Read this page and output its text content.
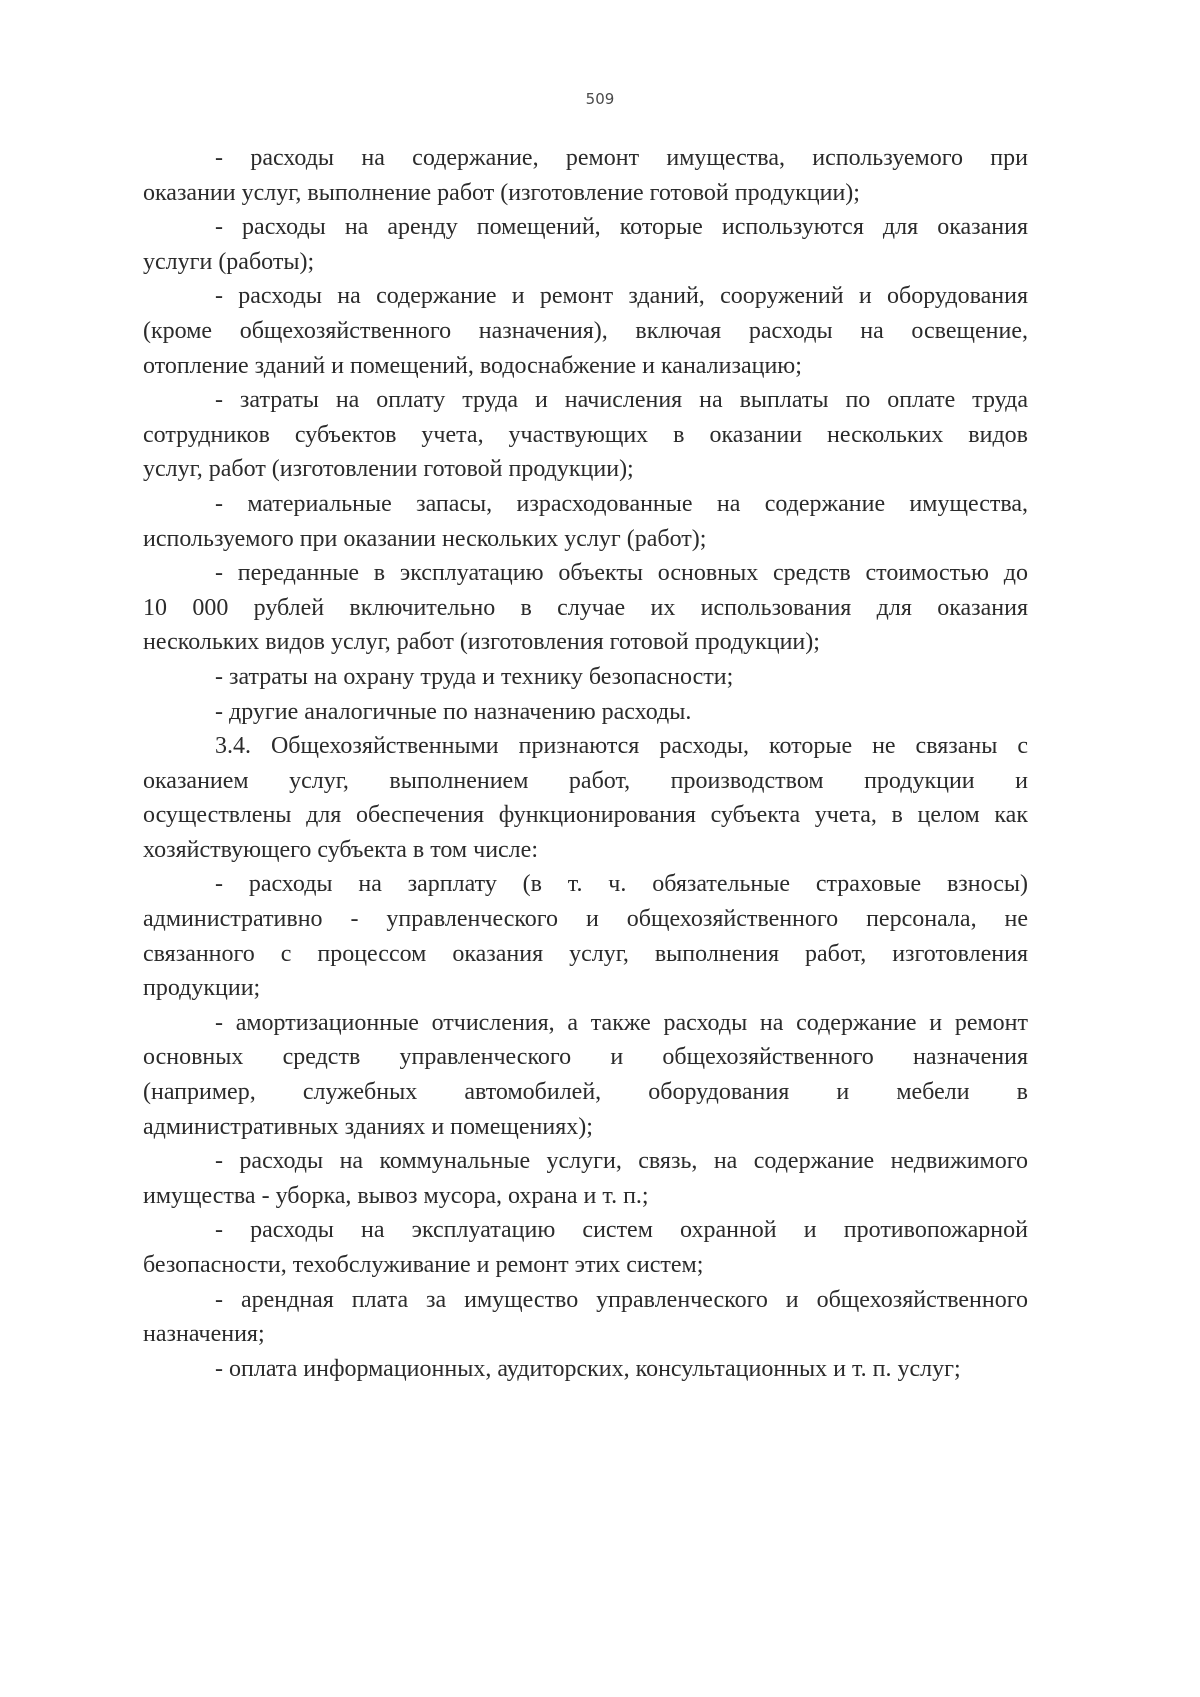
509
- расходы на содержание, ремонт имущества, используемого при
оказании услуг, выполнение работ (изготовление готовой продукции);
- расходы на аренду помещений, которые используются для оказания
услуги (работы);
- расходы на содержание и ремонт зданий, сооружений и оборудования
(кроме общехозяйственного назначения), включая расходы на освещение,
отопление зданий и помещений, водоснабжение и канализацию;
- затраты на оплату труда и начисления на выплаты по оплате труда
сотрудников субъектов учета, участвующих в оказании нескольких видов
услуг, работ (изготовлении готовой продукции);
- материальные запасы, израсходованные на содержание имущества,
используемого при оказании нескольких услуг (работ);
- переданные в эксплуатацию объекты основных средств стоимостью до
10 000 рублей включительно в случае их использования для оказания
нескольких видов услуг, работ (изготовления готовой продукции);
- затраты на охрану труда и технику безопасности;
- другие аналогичные по назначению расходы.
3.4. Общехозяйственными признаются расходы, которые не связаны с
оказанием услуг, выполнением работ, производством продукции и
осуществлены для обеспечения функционирования субъекта учета, в целом как
хозяйствующего субъекта в том числе:
- расходы на зарплату (в т. ч. обязательные страховые взносы)
административно - управленческого и общехозяйственного персонала, не
связанного с процессом оказания услуг, выполнения работ, изготовления
продукции;
- амортизационные отчисления, а также расходы на содержание и ремонт
основных средств управленческого и общехозяйственного назначения
(например, служебных автомобилей, оборудования и мебели в
административных зданиях и помещениях);
- расходы на коммунальные услуги, связь, на содержание недвижимого
имущества - уборка, вывоз мусора, охрана и т. п.;
- расходы на эксплуатацию систем охранной и противопожарной
безопасности, техобслуживание и ремонт этих систем;
- арендная плата за имущество управленческого и общехозяйственного
назначения;
- оплата информационных, аудиторских, консультационных и т. п. услуг;
